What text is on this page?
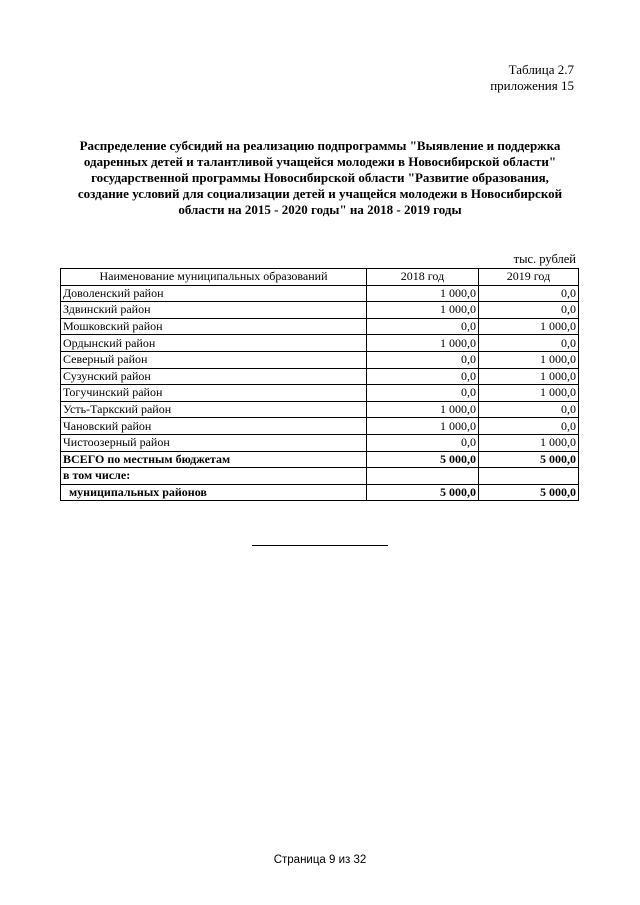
Таблица 2.7
приложения 15
Распределение субсидий на реализацию подпрограммы "Выявление и поддержка одаренных детей и талантливой учащейся молодежи в Новосибирской области" государственной программы Новосибирской области "Развитие образования, создание условий для социализации детей и учащейся молодежи в Новосибирской области на 2015 - 2020 годы" на 2018 - 2019 годы
тыс. рублей
Наименование муниципальных образований	2018 год	2019 год
Доволенский район	1 000,0	0,0
Здвинский район	1 000,0	0,0
Мошковский район	0,0	1 000,0
Ордынский район	1 000,0	0,0
Северный район	0,0	1 000,0
Сузунский район	0,0	1 000,0
Тогучинский район	0,0	1 000,0
Усть-Таркский район	1 000,0	0,0
Чановский район	1 000,0	0,0
Чистоозерный район	0,0	1 000,0
ВСЕГО по местным бюджетам	5 000,0	5 000,0
в том числе:		
муниципальных районов	5 000,0	5 000,0
Страница 9 из 32
